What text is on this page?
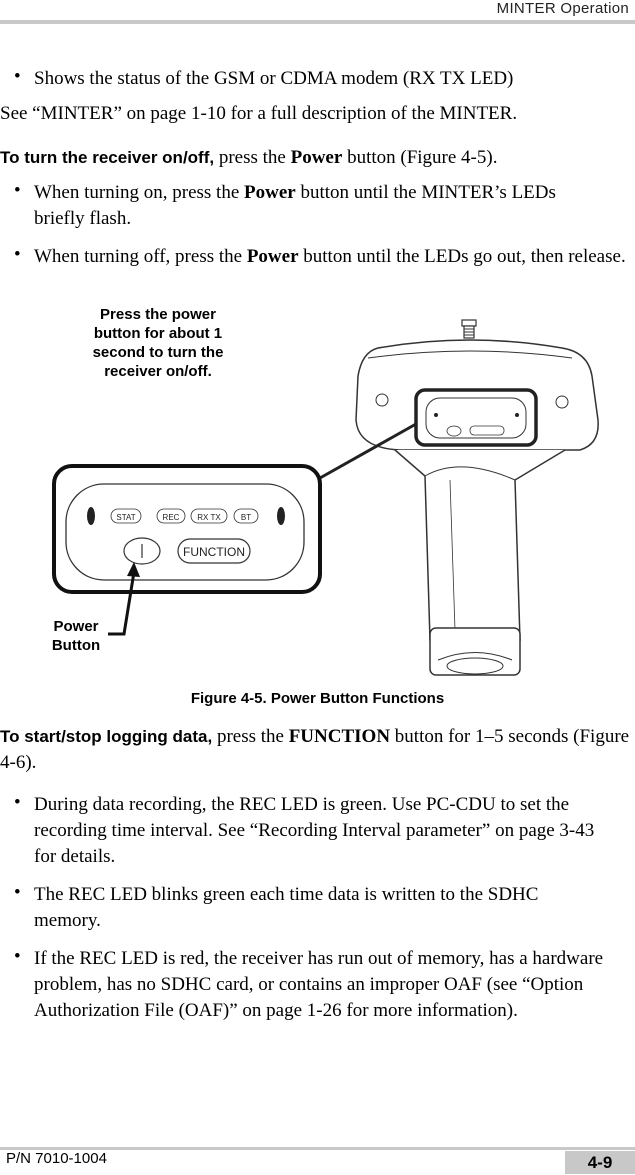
MINTER Operation
• Shows the status of the GSM or CDMA modem (RX TX LED)
See “MINTER” on page 1-10 for a full description of the MINTER.
To turn the receiver on/off, press the Power button (Figure 4-5).
• When turning on, press the Power button until the MINTER’s LEDs briefly flash.
• When turning off, press the Power button until the LEDs go out, then release.
STAT	REC RX TX	BT
FUNCTION
Press the power button for about 1 second to turn the receiver on/off.
Power Button
Figure 4-5. Power Button Functions
To start/stop logging data, press the FUNCTION button for 1–5 seconds (Figure 4-6).
• During data recording, the REC LED is green. Use PC-CDU to set the recording time interval. See “Recording Interval parameter” on page 3-43 for details.
• The REC LED blinks green each time data is written to the SDHC memory.
• If the REC LED is red, the receiver has run out of memory, has a hardware problem, has no SDHC card, or contains an improper OAF (see “Option Authorization File (OAF)” on page 1-26 for more information).
P/N 7010-1004	4-9
